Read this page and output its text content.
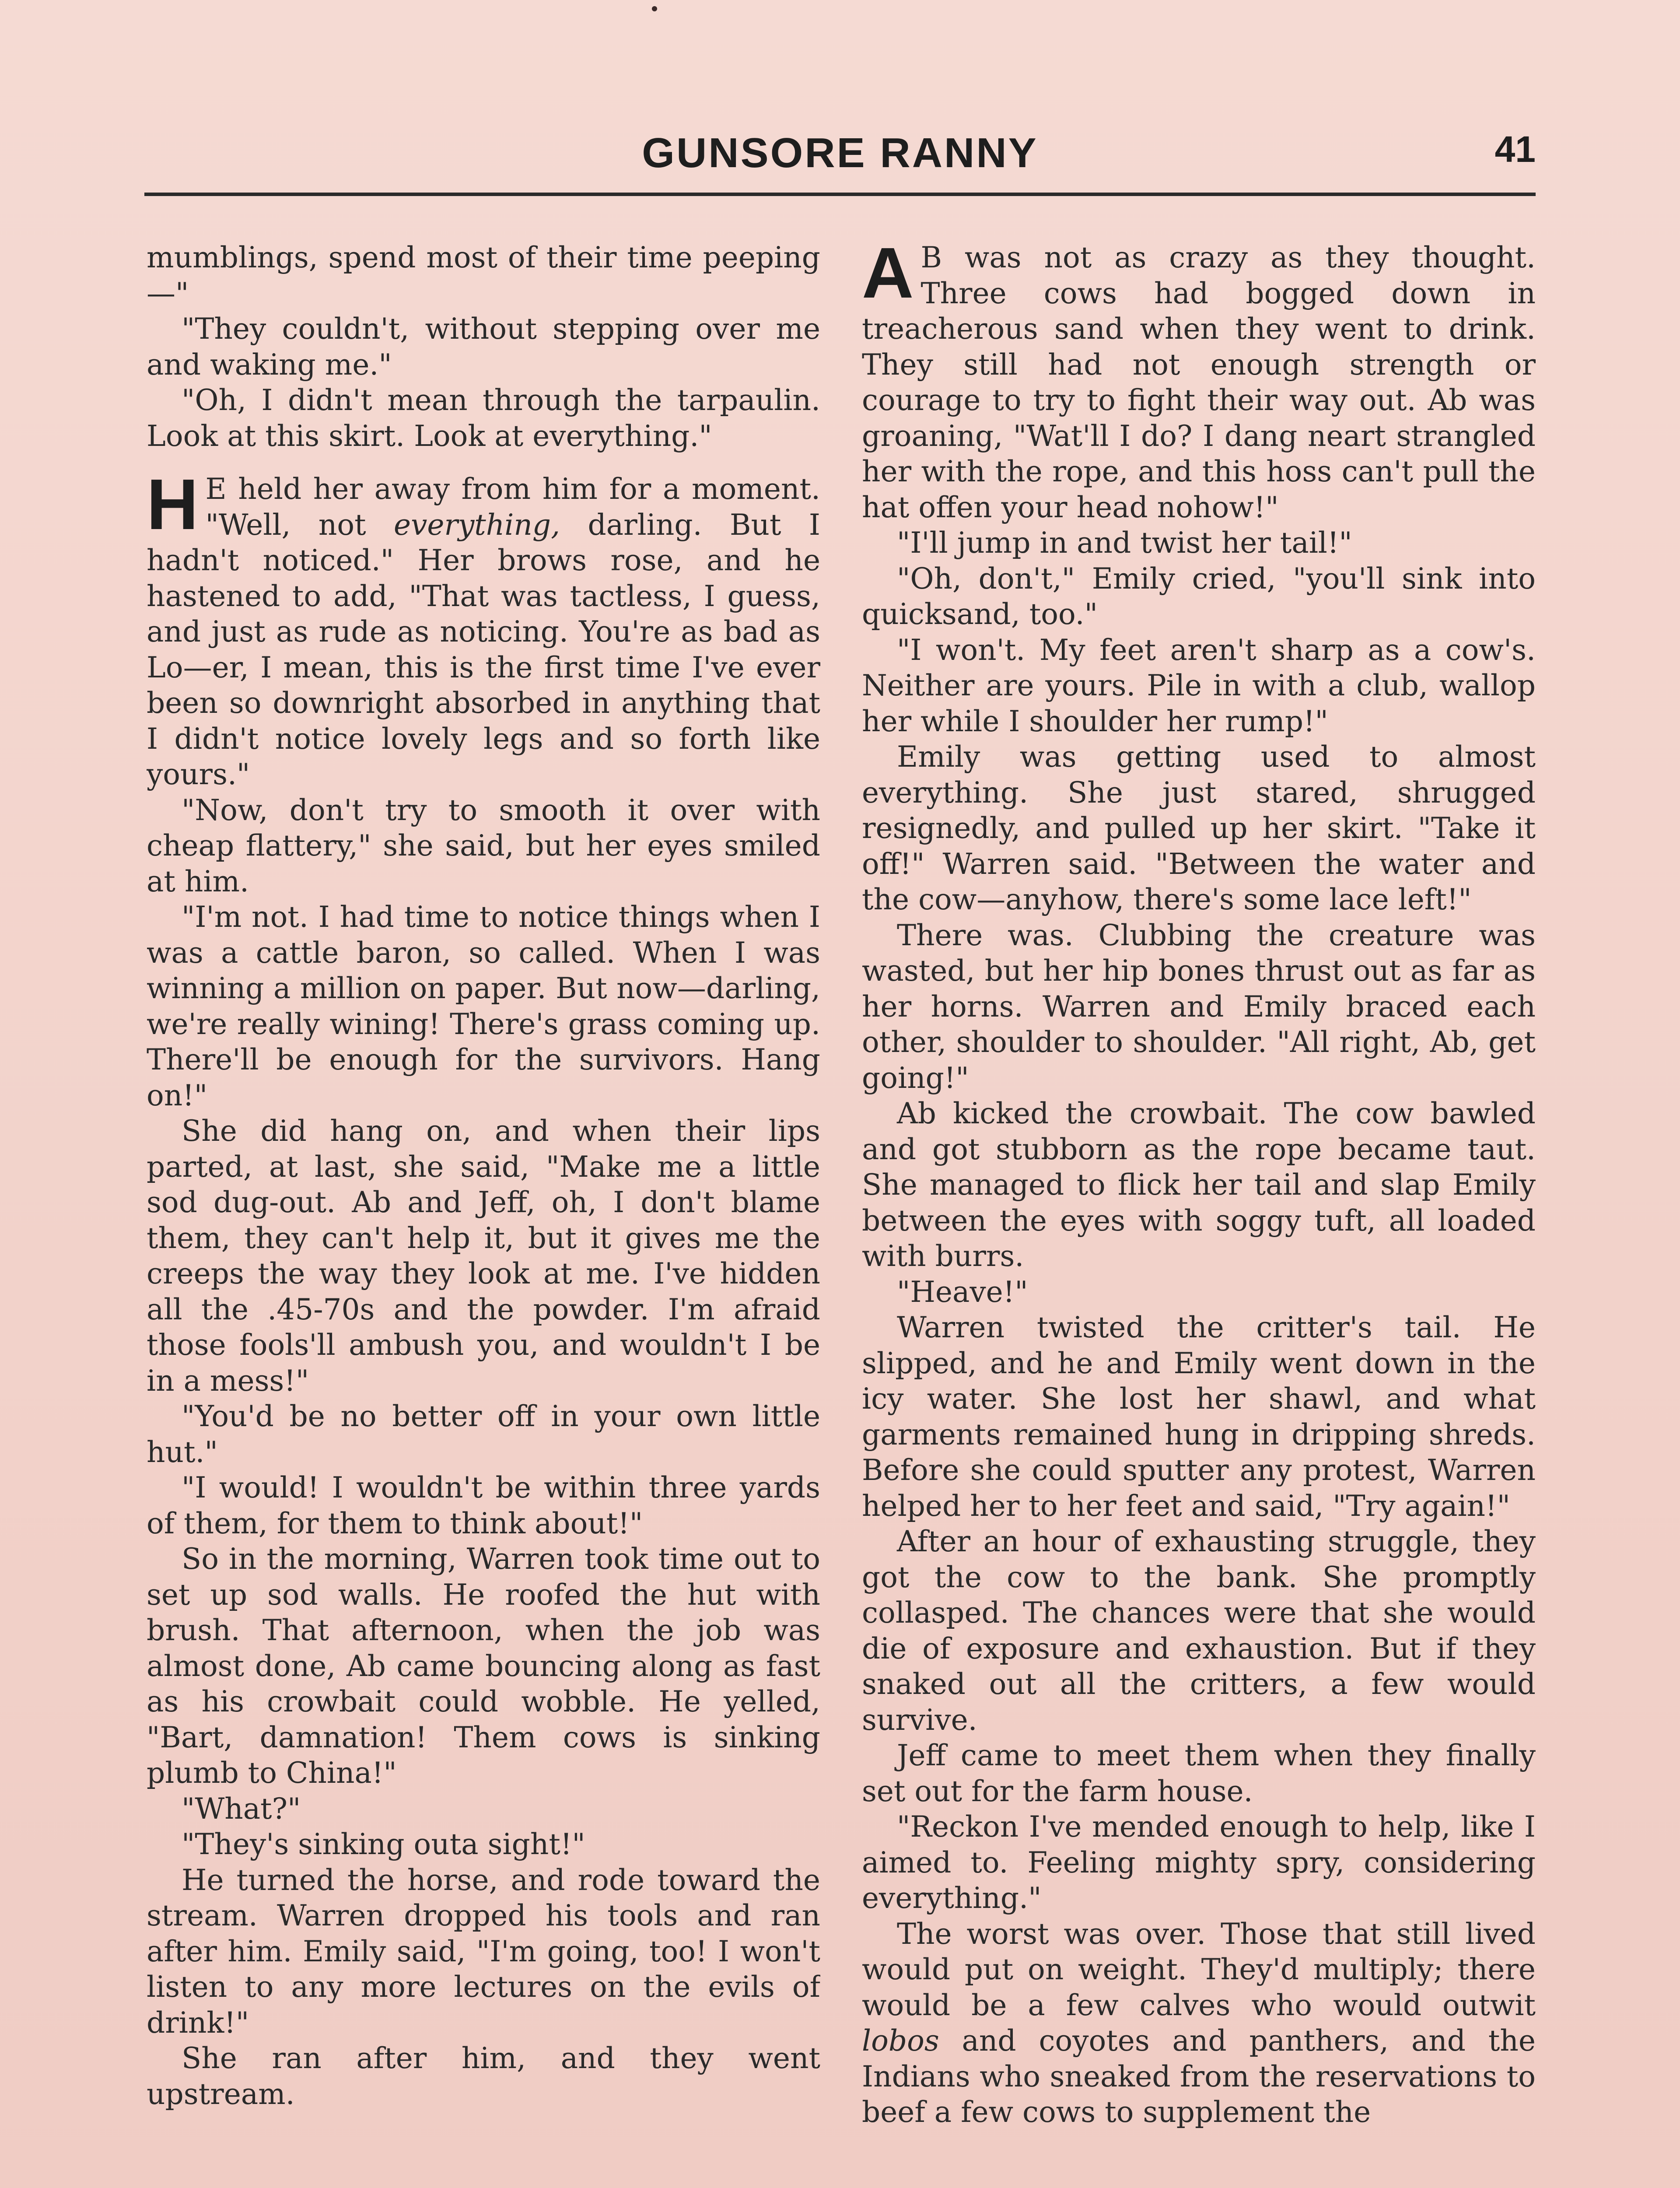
GUNSORE RANNY	41

mumblings, spend most of their time peeping—"

"They couldn't, without stepping over me and waking me."

"Oh, I didn't mean through the tarpaulin. Look at this skirt. Look at everything."

H E held her away from him for a moment. "Well, not everything, darling. But I hadn't noticed." Her brows rose, and he hastened to add, "That was tactless, I guess, and just as rude as noticing. You're as bad as Lo—er, I mean, this is the first time I've ever been so downright absorbed in anything that I didn't notice lovely legs and so forth like yours."

"Now, don't try to smooth it over with cheap flattery," she said, but her eyes smiled at him.

"I'm not. I had time to notice things when I was a cattle baron, so called. When I was winning a million on paper. But now—darling, we're really wining! There's grass coming up. There'll be enough for the survivors. Hang on!"

She did hang on, and when their lips parted, at last, she said, "Make me a little sod dug-out. Ab and Jeff, oh, I don't blame them, they can't help it, but it gives me the creeps the way they look at me. I've hidden all the .45-70s and the powder. I'm afraid those fools'll ambush you, and wouldn't I be in a mess!"

"You'd be no better off in your own little hut."

"I would! I wouldn't be within three yards of them, for them to think about!"

So in the morning, Warren took time out to set up sod walls. He roofed the hut with brush. That afternoon, when the job was almost done, Ab came bouncing along as fast as his crowbait could wobble. He yelled, "Bart, damnation! Them cows is sinking plumb to China!"

"What?"

"They's sinking outa sight!"

He turned the horse, and rode toward the stream. Warren dropped his tools and ran after him. Emily said, "I'm going, too! I won't listen to any more lectures on the evils of drink!"

She ran after him, and they went upstream.

A B was not as crazy as they thought. Three cows had bogged down in treacherous sand when they went to drink. They still had not enough strength or courage to try to fight their way out. Ab was groaning, "Wat'll I do? I dang neart strangled her with the rope, and this hoss can't pull the hat offen your head nohow!"

"I'll jump in and twist her tail!"

"Oh, don't," Emily cried, "you'll sink into quicksand, too."

"I won't. My feet aren't sharp as a cow's. Neither are yours. Pile in with a club, wallop her while I shoulder her rump!"

Emily was getting used to almost everything. She just stared, shrugged resignedly, and pulled up her skirt. "Take it off!" Warren said. "Between the water and the cow—anyhow, there's some lace left!"

There was. Clubbing the creature was wasted, but her hip bones thrust out as far as her horns. Warren and Emily braced each other, shoulder to shoulder. "All right, Ab, get going!"

Ab kicked the crowbait. The cow bawled and got stubborn as the rope became taut. She managed to flick her tail and slap Emily between the eyes with soggy tuft, all loaded with burrs.

"Heave!"

Warren twisted the critter's tail. He slipped, and he and Emily went down in the icy water. She lost her shawl, and what garments remained hung in dripping shreds. Before she could sputter any protest, Warren helped her to her feet and said, "Try again!"

After an hour of exhausting struggle, they got the cow to the bank. She promptly collasped. The chances were that she would die of exposure and exhaustion. But if they snaked out all the critters, a few would survive.

Jeff came to meet them when they finally set out for the farm house.

"Reckon I've mended enough to help, like I aimed to. Feeling mighty spry, considering everything."

The worst was over. Those that still lived would put on weight. They'd multiply; there would be a few calves who would outwit lobos and coyotes and panthers, and the Indians who sneaked from the reservations to beef a few cows to supplement the
